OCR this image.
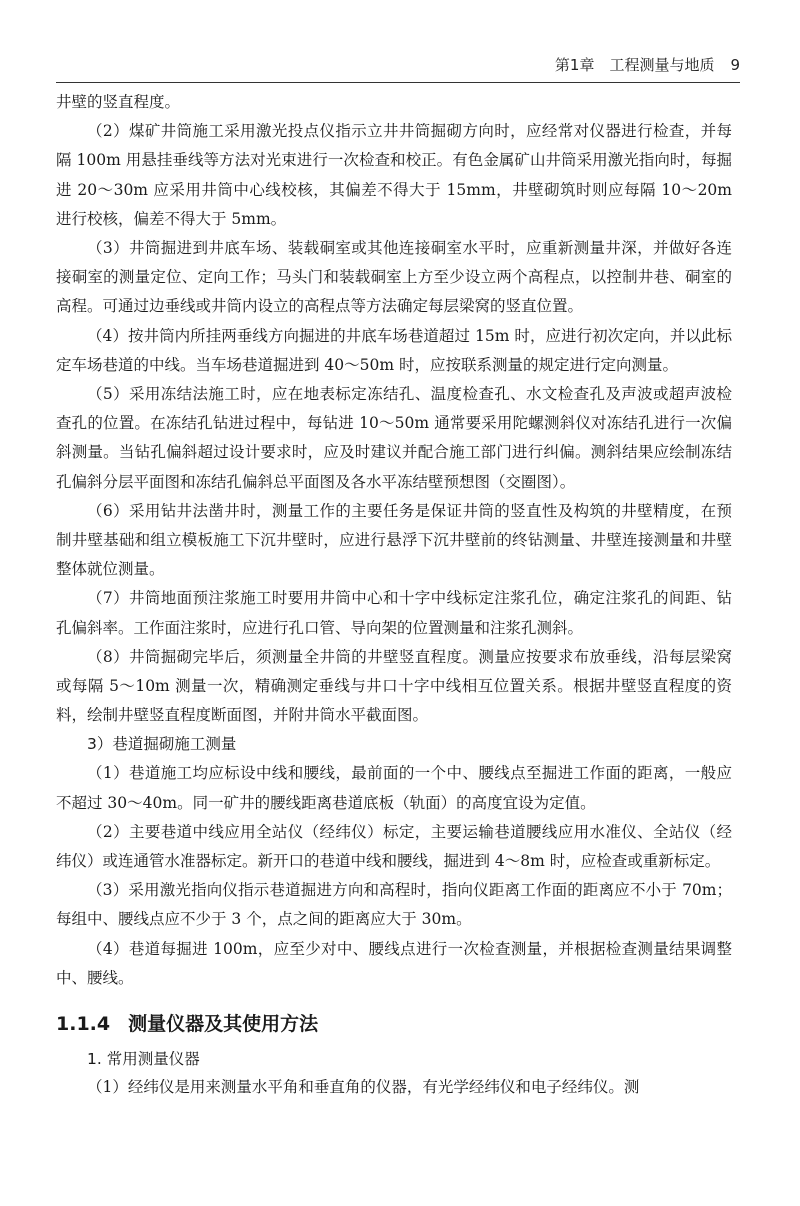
第1章　工程测量与地质 9

井壁的竖直程度。

（2）煤矿井筒施工采用激光投点仪指示立井井筒掘砌方向时，应经常对仪器进行检查，并每隔 100m 用悬挂垂线等方法对光束进行一次检查和校正。有色金属矿山井筒采用激光指向时，每掘进 20～30m 应采用井筒中心线校核，其偏差不得大于 15mm，井壁砌筑时则应每隔 10～20m 进行校核，偏差不得大于 5mm。

（3）井筒掘进到井底车场、装载硐室或其他连接硐室水平时，应重新测量井深，并做好各连接硐室的测量定位、定向工作；马头门和装载硐室上方至少设立两个高程点，以控制井巷、硐室的高程。可通过边垂线或井筒内设立的高程点等方法确定每层梁窝的竖直位置。

（4）按井筒内所挂两垂线方向掘进的井底车场巷道超过 15m 时，应进行初次定向，并以此标定车场巷道的中线。当车场巷道掘进到 40～50m 时，应按联系测量的规定进行定向测量。

（5）采用冻结法施工时，应在地表标定冻结孔、温度检查孔、水文检查孔及声波或超声波检查孔的位置。在冻结孔钻进过程中，每钻进 10～50m 通常要采用陀螺测斜仪对冻结孔进行一次偏斜测量。当钻孔偏斜超过设计要求时，应及时建议并配合施工部门进行纠偏。测斜结果应绘制冻结孔偏斜分层平面图和冻结孔偏斜总平面图及各水平冻结壁预想图（交圈图）。

（6）采用钻井法凿井时，测量工作的主要任务是保证井筒的竖直性及构筑的井壁精度，在预制井壁基础和组立模板施工下沉井壁时，应进行悬浮下沉井壁前的终钻测量、井壁连接测量和井壁整体就位测量。

（7）井筒地面预注浆施工时要用井筒中心和十字中线标定注浆孔位，确定注浆孔的间距、钻孔偏斜率。工作面注浆时，应进行孔口管、导向架的位置测量和注浆孔测斜。

（8）井筒掘砌完毕后，须测量全井筒的井壁竖直程度。测量应按要求布放垂线，沿每层梁窝或每隔 5～10m 测量一次，精确测定垂线与井口十字中线相互位置关系。根据井壁竖直程度的资料，绘制井壁竖直程度断面图，并附井筒水平截面图。

3）巷道掘砌施工测量

（1）巷道施工均应标设中线和腰线，最前面的一个中、腰线点至掘进工作面的距离，一般应不超过 30～40m。同一矿井的腰线距离巷道底板（轨面）的高度宜设为定值。

（2）主要巷道中线应用全站仪（经纬仪）标定，主要运输巷道腰线应用水准仪、全站仪（经纬仪）或连通管水准器标定。新开口的巷道中线和腰线，掘进到 4～8m 时，应检查或重新标定。

（3）采用激光指向仪指示巷道掘进方向和高程时，指向仪距离工作面的距离应不小于 70m；每组中、腰线点应不少于 3 个，点之间的距离应大于 30m。

（4）巷道每掘进 100m，应至少对中、腰线点进行一次检查测量，并根据检查测量结果调整中、腰线。

1.1.4 测量仪器及其使用方法

1. 常用测量仪器

（1）经纬仪是用来测量水平角和垂直角的仪器，有光学经纬仪和电子经纬仪。测
